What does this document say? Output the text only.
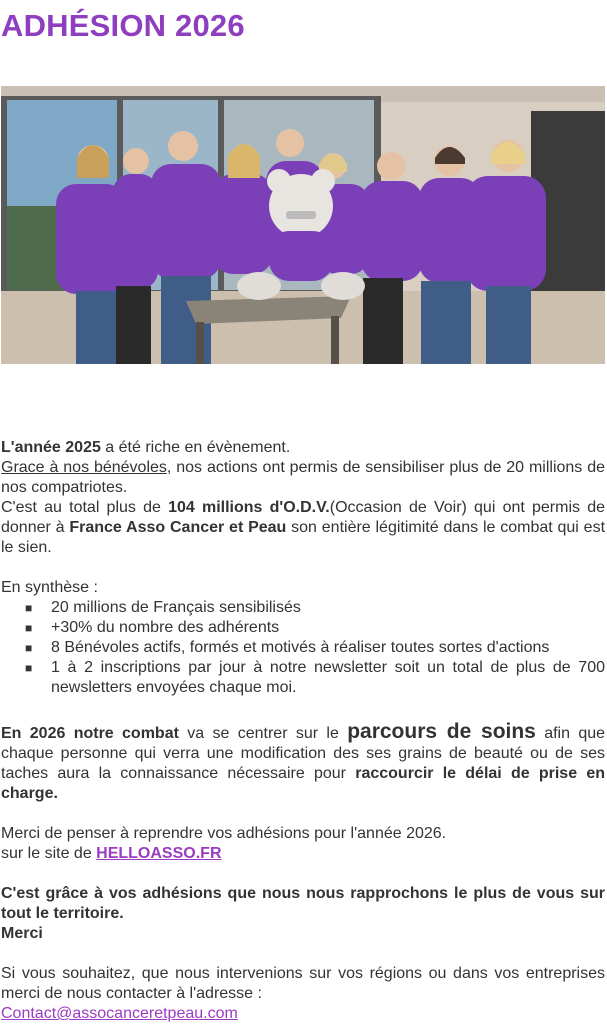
ADHÉSION 2026

L'année 2025 a été riche en évènement.
Grace à nos bénévoles, nos actions ont permis de sensibiliser plus de 20 millions de nos compatriotes.
C'est au total plus de 104 millions d'O.D.V.(Occasion de Voir) qui ont permis de donner à France Asso Cancer et Peau son entière légitimité dans le combat qui est le sien.

En synthèse :

■ 20 millions de Français sensibilisés
■ +30% du nombre des adhérents
■ 8 Bénévoles actifs, formés et motivés à réaliser toutes sortes d'actions
■ 1 à 2 inscriptions par jour à notre newsletter soit un total de plus de 700 newsletters envoyées chaque moi.

En 2026 notre combat va se centrer sur le parcours de soins afin que chaque personne qui verra une modification des ses grains de beauté ou de ses taches aura la connaissance nécessaire pour raccourcir le délai de prise en charge.

Merci de penser à reprendre vos adhésions pour l'année 2026.
sur le site de HELLOASSO.FR

C'est grâce à vos adhésions que nous nous rapprochons le plus de vous sur tout le territoire.
Merci

Si vous souhaitez, que nous intervenions sur vos régions ou dans vos entreprises merci de nous contacter à l'adresse :
Contact@assocanceretpeau.com
